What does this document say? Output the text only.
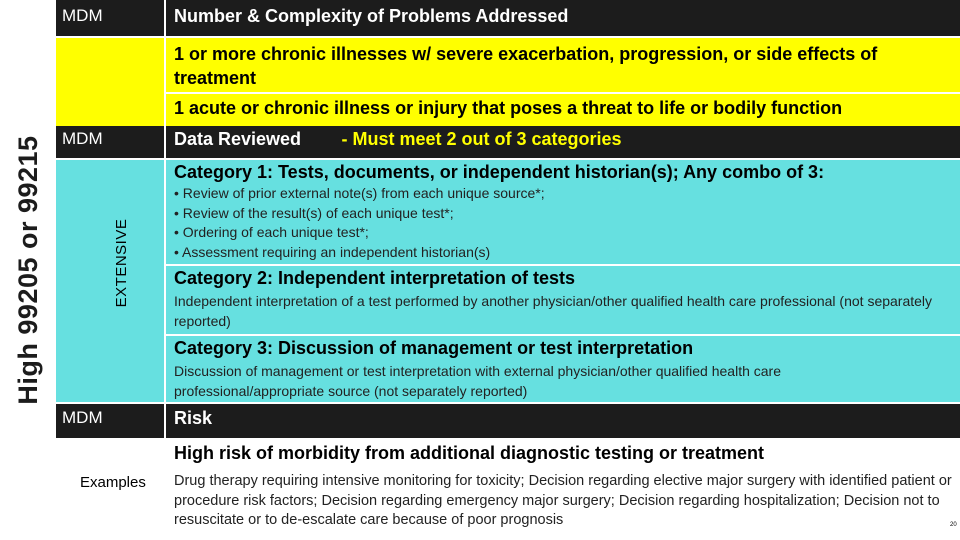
High 99205 or 99215
MDM	Number & Complexity of Problems Addressed
1 or more chronic illnesses w/ severe exacerbation, progression, or side effects of treatment
1 acute or chronic illness or injury that poses a threat to life or bodily function
MDM	Data Reviewed - Must meet 2 out of 3 categories
EXTENSIVE
Category 1: Tests, documents, or independent historian(s); Any combo of 3:
• Review of prior external note(s) from each unique source*;
• Review of the result(s) of each unique test*;
• Ordering of each unique test*;
• Assessment requiring an independent historian(s)
Category 2: Independent interpretation of tests
Independent interpretation of a test performed by another physician/other qualified health care professional (not separately reported)
Category 3: Discussion of management or test interpretation
Discussion of management or test interpretation with external physician/other qualified health care professional/appropriate source (not separately reported)
MDM	Risk
High risk of morbidity from additional diagnostic testing or treatment
Examples	Drug therapy requiring intensive monitoring for toxicity; Decision regarding elective major surgery with identified patient or procedure risk factors; Decision regarding emergency major surgery; Decision regarding hospitalization; Decision not to resuscitate or to de-escalate care because of poor prognosis	20
